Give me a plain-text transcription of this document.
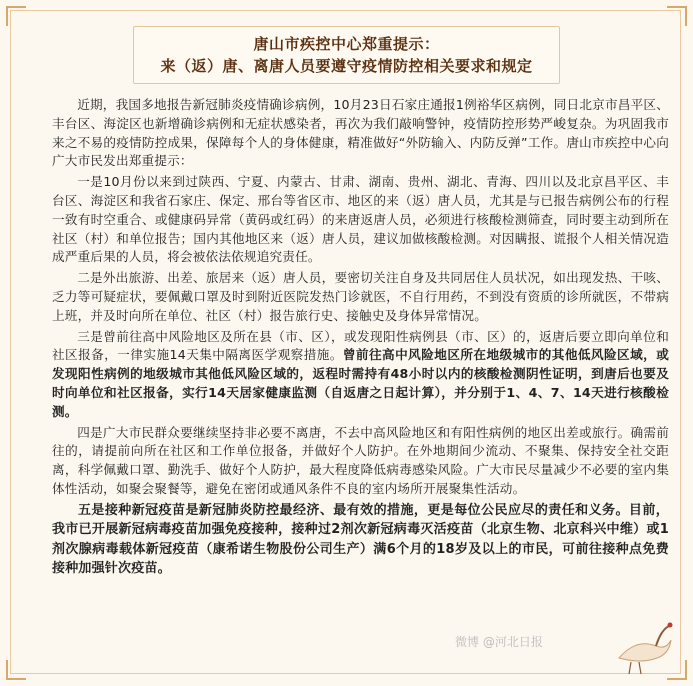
唐山市疾控中心郑重提示：
来（返）唐、离唐人员要遵守疫情防控相关要求和规定

近期，我国多地报告新冠肺炎疫情确诊病例，10月23日石家庄通报1例裕华区病例，同日北京市昌平区、丰台区、海淀区也新增确诊病例和无症状感染者，再次为我们敲响警钟，疫情防控形势严峻复杂。为巩固我市来之不易的疫情防控成果，保障每个人的身体健康，精准做好“外防输入、内防反弹”工作。唐山市疾控中心向广大市民发出郑重提示：

一是10月份以来到过陕西、宁夏、内蒙古、甘肃、湖南、贵州、湖北、青海、四川以及北京昌平区、丰台区、海淀区和我省石家庄、保定、邢台等省区市、地区的来（返）唐人员，尤其是与已报告病例公布的行程一致有时空重合、或健康码异常（黄码或红码）的来唐返唐人员，必须进行核酸检测筛查，同时要主动到所在社区（村）和单位报告；国内其他地区来（返）唐人员，建议加做核酸检测。对因瞒报、谎报个人相关情况造成严重后果的人员，将会被依法依规追究责任。

二是外出旅游、出差、旅居来（返）唐人员，要密切关注自身及共同居住人员状况，如出现发热、干咳、乏力等可疑症状，要佩戴口罩及时到附近医院发热门诊就医，不自行用药，不到没有资质的诊所就医，不带病上班，并及时向所在单位、社区（村）报告旅行史、接触史及身体异常情况。

三是曾前往高中风险地区及所在县（市、区），或发现阳性病例县（市、区）的，返唐后要立即向单位和社区报备，一律实施14天集中隔离医学观察措施。曾前往高中风险地区所在地级城市的其他低风险区域，或发现阳性病例的地级城市其他低风险区域的，返程时需持有48小时以内的核酸检测阴性证明，到唐后也要及时向单位和社区报备，实行14天居家健康监测（自返唐之日起计算），并分别于1、4、7、14天进行核酸检测。

四是广大市民群众要继续坚持非必要不离唐，不去中高风险地区和有阳性病例的地区出差或旅行。确需前往的，请提前向所在社区和工作单位报备，并做好个人防护。在外地期间少流动、不聚集、保持安全社交距离，科学佩戴口罩、勤洗手、做好个人防护，最大程度降低病毒感染风险。广大市民尽量减少不必要的室内集体性活动，如聚会聚餐等，避免在密闭或通风条件不良的室内场所开展聚集性活动。

五是接种新冠疫苗是新冠肺炎防控最经济、最有效的措施，更是每位公民应尽的责任和义务。目前，我市已开展新冠病毒疫苗加强免疫接种，接种过2剂次新冠病毒灭活疫苗（北京生物、北京科兴中维）或1剂次腺病毒载体新冠疫苗（康希诺生物股份公司生产）满6个月的18岁及以上的市民，可前往接种点免费接种加强针次疫苗。

微博 @河北日报
